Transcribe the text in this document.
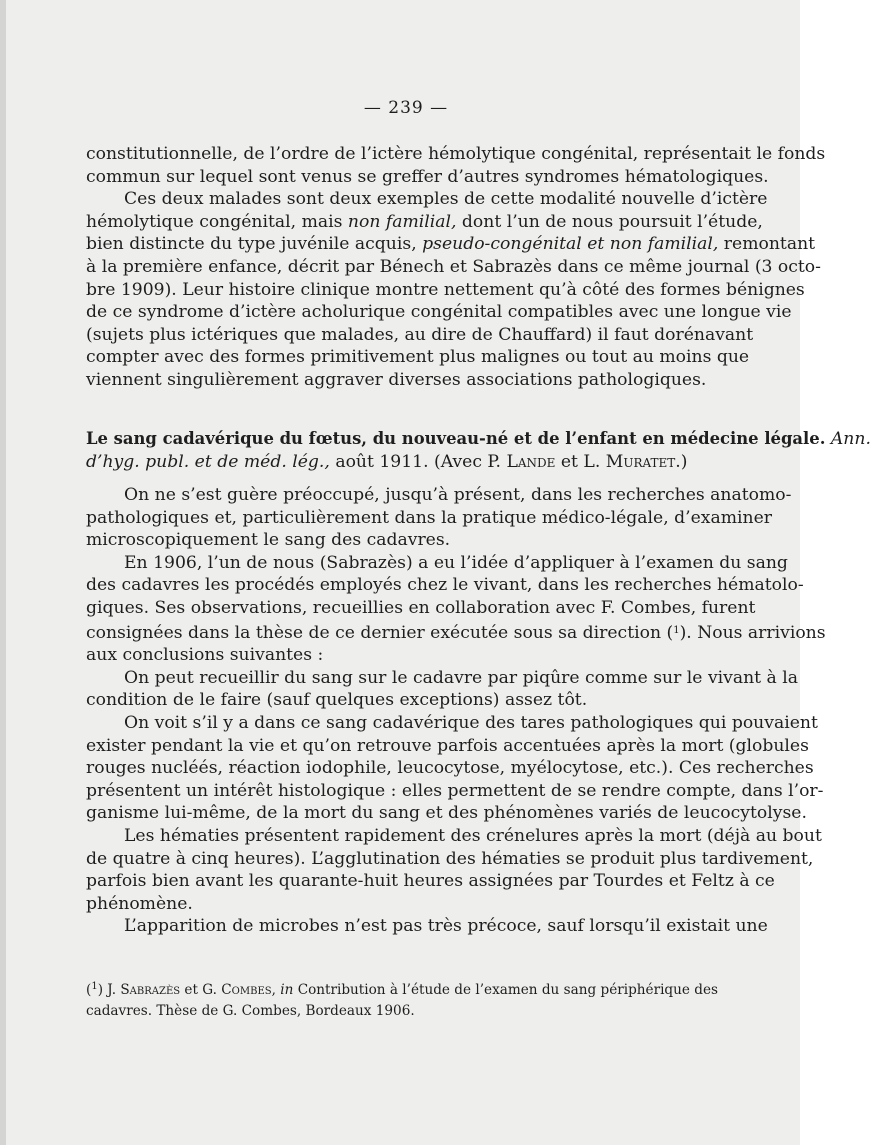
— 239 —
constitutionnelle, de l’ordre de l’ictère hémolytique congénital, représentait le fonds
commun sur lequel sont venus se greffer d’autres syndromes hématologiques.
Ces deux malades sont deux exemples de cette modalité nouvelle d’ictère
hémolytique congénital, mais non familial, dont l’un de nous poursuit l’étude,
bien distincte du type juvénile acquis, pseudo-congénital et non familial, remontant
à la première enfance, décrit par Bénech et Sabrazès dans ce même journal (3 octo-
bre 1909). Leur histoire clinique montre nettement qu’à côté des formes bénignes
de ce syndrome d’ictère acholurique congénital compatibles avec une longue vie
(sujets plus ictériques que malades, au dire de Chauffard) il faut dorénavant
compter avec des formes primitivement plus malignes ou tout au moins que
viennent singulièrement aggraver diverses associations pathologiques.
Le sang cadavérique du fœtus, du nouveau-né et de l’enfant en médecine légale. Ann.
d’hyg. publ. et de méd. lég., août 1911. (Avec P. Lande et L. Muratet.)
On ne s’est guère préoccupé, jusqu’à présent, dans les recherches anatomo-
pathologiques et, particulièrement dans la pratique médico-légale, d’examiner
microscopiquement le sang des cadavres.
En 1906, l’un de nous (Sabrazès) a eu l’idée d’appliquer à l’examen du sang
des cadavres les procédés employés chez le vivant, dans les recherches hématolo-
giques. Ses observations, recueillies en collaboration avec F. Combes, furent
consignées dans la thèse de ce dernier exécutée sous sa direction ($^1$). Nous arrivions
aux conclusions suivantes :
On peut recueillir du sang sur le cadavre par piqûre comme sur le vivant à la
condition de le faire (sauf quelques exceptions) assez tôt.
On voit s’il y a dans ce sang cadavérique des tares pathologiques qui pouvaient
exister pendant la vie et qu’on retrouve parfois accentuées après la mort (globules
rouges nucléés, réaction iodophile, leucocytose, myélocytose, etc.). Ces recherches
présentent un intérêt histologique : elles permettent de se rendre compte, dans l’or-
ganisme lui-même, de la mort du sang et des phénomènes variés de leucocytolyse.
Les hématies présentent rapidement des crénelures après la mort (déjà au bout
de quatre à cinq heures). L’agglutination des hématies se produit plus tardivement,
parfois bien avant les quarante-huit heures assignées par Tourdes et Feltz à ce
phénomène.
L’apparition de microbes n’est pas très précoce, sauf lorsqu’il existait une
($^1$) J. Sabrazès et G. Combes, in Contribution à l’étude de l’examen du sang périphérique des
cadavres. Thèse de G. Combes, Bordeaux 1906.
